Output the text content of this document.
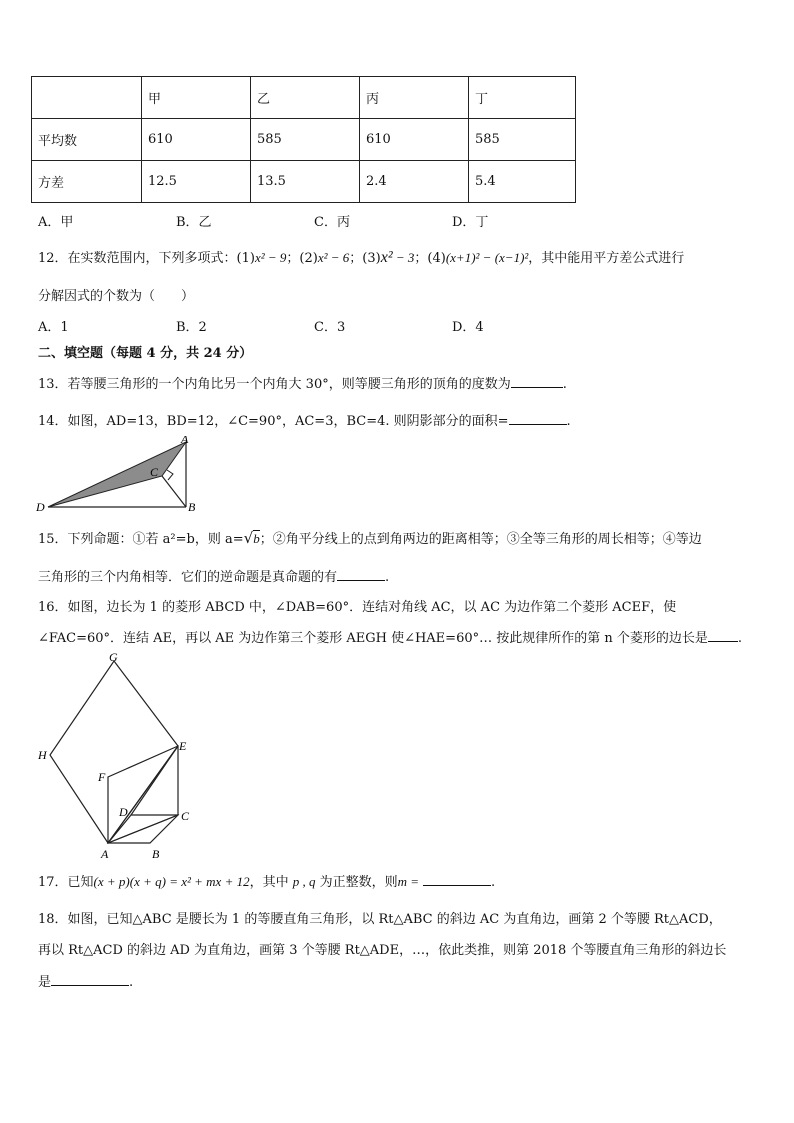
	甲	乙	丙	丁
平均数	610	585	610	585
方差	12.5	13.5	2.4	5.4
A．甲	B．乙	C．丙	D．丁
12．在实数范围内，下列多项式：(1)x² − 9；(2)x² − 6；(3)x² − 3；(4)(x+1)² − (x−1)²，其中能用平方差公式进行
分解因式的个数为（　　）
A．1	B．2	C．3	D．4
二、填空题（每题 4 分，共 24 分）
13．若等腰三角形的一个内角比另一个内角大 30°，则等腰三角形的顶角的度数为	.
14．如图，AD=13，BD=12，∠C=90°，AC=3，BC=4. 则阴影部分的面积=	.
A
B
C
D
15．下列命题：①若 a²=b，则 a=√b；②角平分线上的点到角两边的距离相等；③全等三角形的周长相等；④等边
三角形的三个内角相等．它们的逆命题是真命题的有	.
16．如图，边长为 1 的菱形 ABCD 中，∠DAB=60°．连结对角线 AC，以 AC 为边作第二个菱形 ACEF，使
∠FAC=60°．连结 AE，再以 AE 为边作第三个菱形 AEGH 使∠HAE=60°… 按此规律所作的第 n 个菱形的边长是 .
G
H
E
F
D	C
A	B
17．已知(x + p)(x + q) = x² + mx + 12，其中 p , q 为正整数，则m =	.
18．如图，已知△ABC 是腰长为 1 的等腰直角三角形，以 Rt△ABC 的斜边 AC 为直角边，画第 2 个等腰 Rt△ACD，
再以 Rt△ACD 的斜边 AD 为直角边，画第 3 个等腰 Rt△ADE，…，依此类推，则第 2018 个等腰直角三角形的斜边长
是	.
